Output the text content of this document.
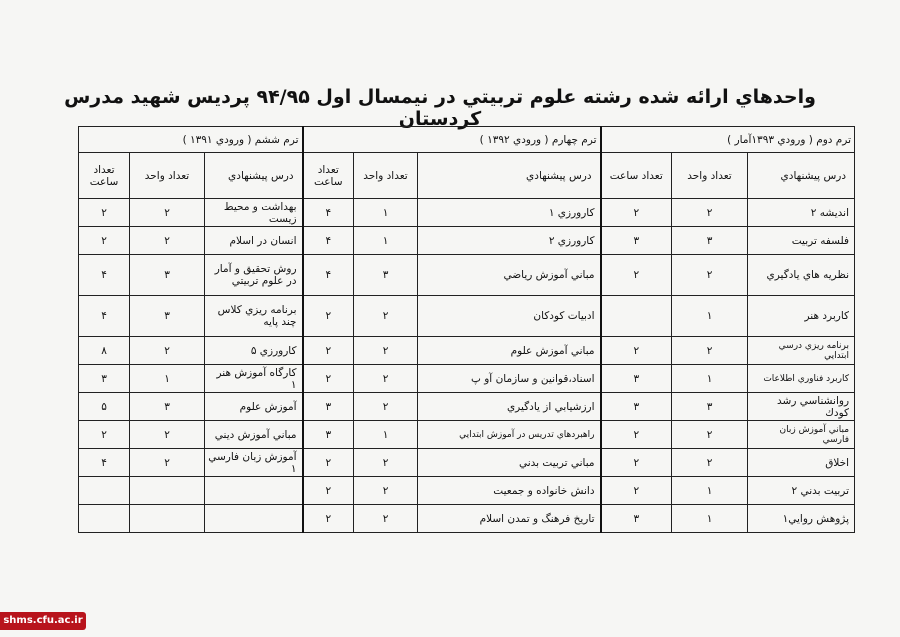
واحدهاي ارائه شده رشته علوم تربيتي در نيمسال اول ۹۴/۹۵ پرديس شهيد مدرس كردستان
ترم دوم ( ورودي ۱۳۹۳آمار )			ترم چهارم ( ورودي ۱۳۹۲ )			ترم ششم ( ورودي ۱۳۹۱ )		
درس پيشنهادي	تعداد واحد	تعداد ساعت	درس پيشنهادي	تعداد واحد	تعداد ساعت	درس پيشنهادي	تعداد واحد	تعداد ساعت
انديشه ۲	۲	۲	كارورزي ۱	۱	۴	بهداشت و محيط زيست	۲	۲
فلسفه تربيت	۳	۳	كارورزي ۲	۱	۴	انسان در اسلام	۲	۲
نظريه هاي يادگيري	۲	۲	مباني آموزش رياضي	۳	۴	روش تحقيق و آمار در علوم تربيتي	۳	۴
كاربرد هنر	۱		ادبيات كودكان	۲	۲	برنامه ريزي كلاس چند پايه	۳	۴
برنامه ريزي درسي ابتدايي	۲	۲	مباني آموزش علوم	۲	۲	كارورزي ۵	۲	۸
كاربرد فناوري اطلاعات	۱	۳	اسناد،قوانين و سازمان آو پ	۲	۲	كارگاه آموزش هنر ۱	۱	۳
روانشناسي رشد كودك	۳	۳	ارزشيابي از يادگيري	۲	۳	آموزش علوم	۳	۵
مباني آموزش زبان فارسي	۲	۲	راهبردهاي تدريس در آموزش ابتدايي	۱	۳	مباني آموزش ديني	۲	۲
اخلاق	۲	۲	مباني تربيت بدني	۲	۲	آموزش زبان فارسي ۱	۲	۴
تربيت بدني ۲	۱	۲	دانش خانواده و جمعيت	۲	۲			
پژوهش روايي۱	۱	۳	تاريخ فرهنگ و تمدن اسلام	۲	۲			
shms.cfu.ac.ir
